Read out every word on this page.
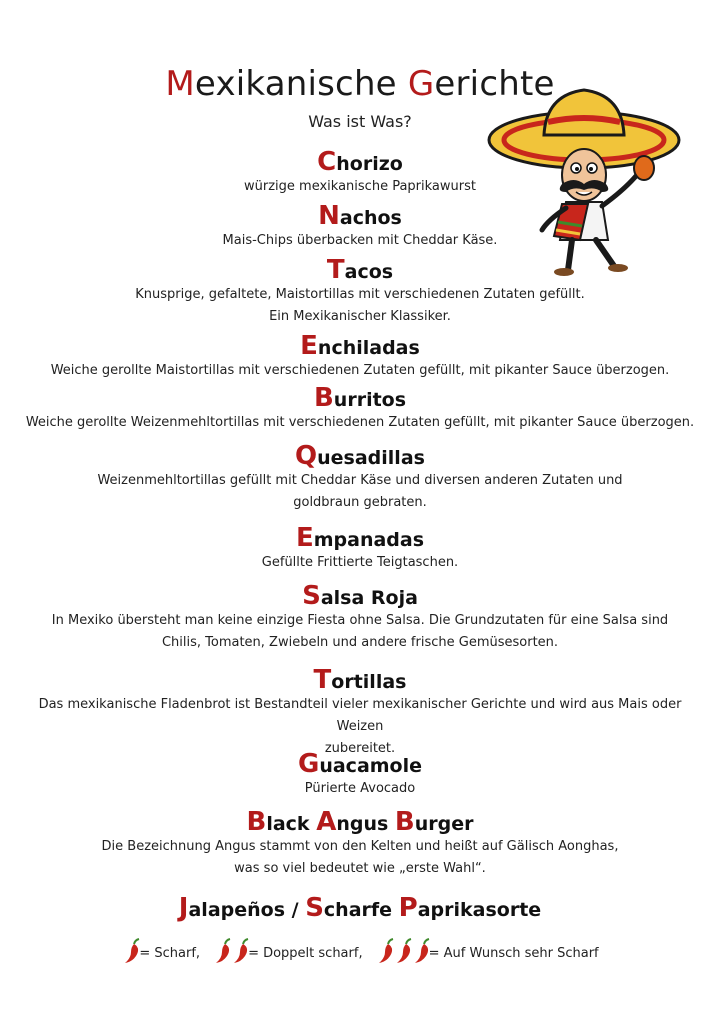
Mexikanische Gerichte
Was ist Was?
Chorizo

würzige mexikanische Paprikawurst

Nachos

Mais-Chips überbacken mit Cheddar Käse.

Tacos

Knusprige, gefaltete, Maistortillas mit verschiedenen Zutaten gefüllt.

Ein Mexikanischer Klassiker.

Enchiladas

Weiche gerollte Maistortillas mit verschiedenen Zutaten gefüllt, mit pikanter Sauce überzogen.

Burritos

Weiche gerollte Weizenmehltortillas mit verschiedenen Zutaten gefüllt, mit pikanter Sauce überzogen.

Quesadillas

Weizenmehltortillas gefüllt mit Cheddar Käse und diversen anderen Zutaten und

goldbraun gebraten.

Empanadas

Gefüllte Frittierte Teigtaschen.

Salsa Roja

In Mexiko übersteht man keine einzige Fiesta ohne Salsa. Die Grundzutaten für eine Salsa sind

Chilis, Tomaten, Zwiebeln und andere frische Gemüsesorten.

Tortillas

Das mexikanische Fladenbrot ist Bestandteil vieler mexikanischer Gerichte und wird aus Mais oder Weizen

zubereitet.

Guacamole

Pürierte Avocado

Black Angus Burger

Die Bezeichnung Angus stammt von den Kelten und heißt auf Gälisch Aonghas,

was so viel bedeutet wie „erste Wahl“.

Jalapeños / Scharfe Paprikasorte
= Scharf,	= Doppelt scharf,	= Auf Wunsch sehr Scharf
